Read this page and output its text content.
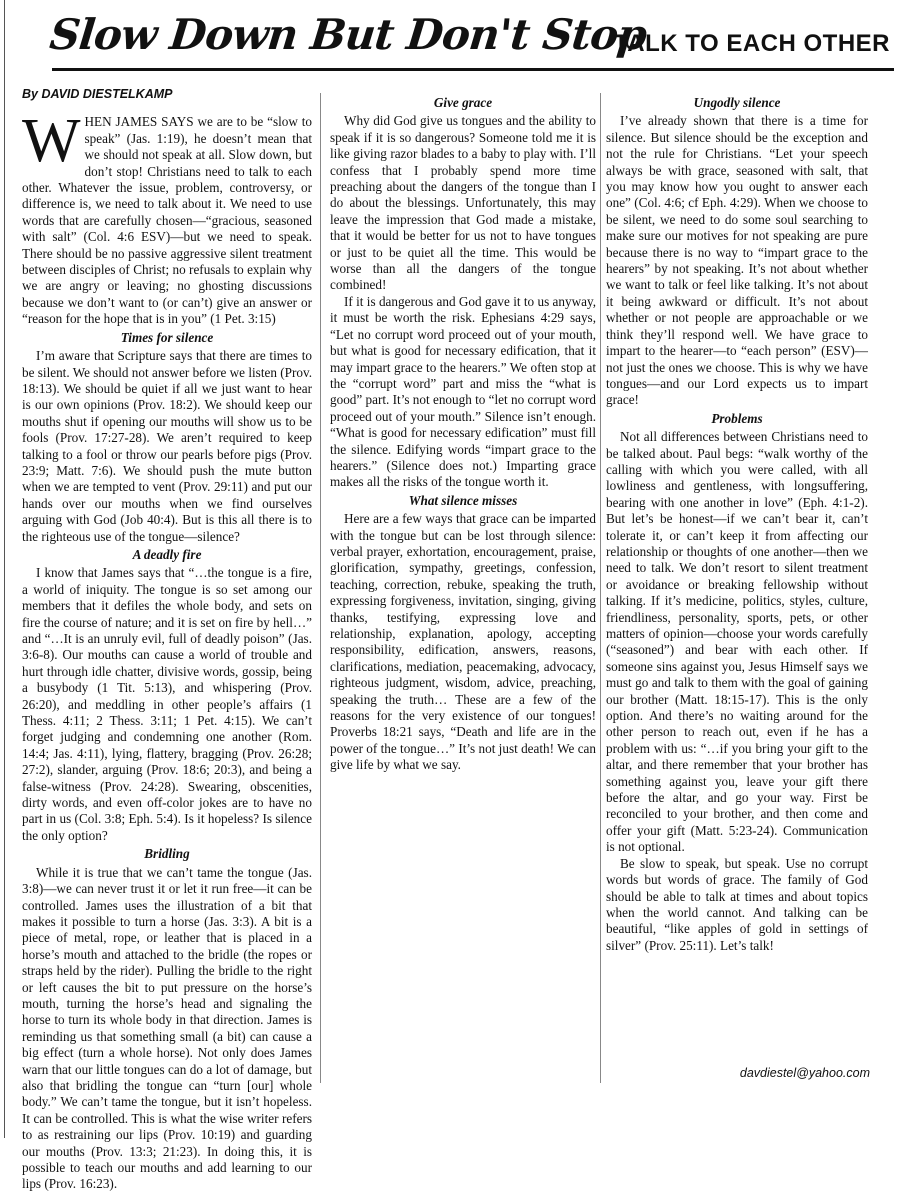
Slow Down But Don't Stop
TALK TO EACH OTHER
By DAVID DIESTELKAMP

WHEN JAMES SAYS we are to be “slow to speak” (Jas. 1:19), he doesn’t mean that we should not speak at all. Slow down, but don’t stop! Christians need to talk to each other. Whatever the issue, problem, controversy, or difference is, we need to talk about it. We need to use words that are carefully chosen—“gracious, seasoned with salt” (Col. 4:6 ESV)—but we need to speak. There should be no passive aggressive silent treatment between disciples of Christ; no refusals to explain why we are angry or leaving; no ghosting discussions because we don’t want to (or can’t) give an answer or “reason for the hope that is in you” (1 Pet. 3:15)

Times for silence

I’m aware that Scripture says that there are times to be silent. We should not answer before we listen (Prov. 18:13). We should be quiet if all we just want to hear is our own opinions (Prov. 18:2). We should keep our mouths shut if opening our mouths will show us to be fools (Prov. 17:27-28). We aren’t required to keep talking to a fool or throw our pearls before pigs (Prov. 23:9; Matt. 7:6). We should push the mute button when we are tempted to vent (Prov. 29:11) and put our hands over our mouths when we find ourselves arguing with God (Job 40:4). But is this all there is to the righteous use of the tongue—silence?

A deadly fire

I know that James says that “…the tongue is a fire, a world of iniquity. The tongue is so set among our members that it defiles the whole body, and sets on fire the course of nature; and it is set on fire by hell…” and “…It is an unruly evil, full of deadly poison” (Jas. 3:6-8). Our mouths can cause a world of trouble and hurt through idle chatter, divisive words, gossip, being a busybody (1 Tit. 5:13), and whispering (Prov. 26:20), and meddling in other people’s affairs (1 Thess. 4:11; 2 Thess. 3:11; 1 Pet. 4:15). We can’t forget judging and condemning one another (Rom. 14:4; Jas. 4:11), lying, flattery, bragging (Prov. 26:28; 27:2), slander, arguing (Prov. 18:6; 20:3), and being a false-witness (Prov. 24:28). Swearing, obscenities, dirty words, and even off-color jokes are to have no part in us (Col. 3:8; Eph. 5:4). Is it hopeless? Is silence the only option?

Bridling

While it is true that we can’t tame the tongue (Jas. 3:8)—we can never trust it or let it run free—it can be controlled. James uses the illustration of a bit that makes it possible to turn a horse (Jas. 3:3). A bit is a piece of metal, rope, or leather that is placed in a horse’s mouth and attached to the bridle (the ropes or straps held by the rider). Pulling the bridle to the right or left causes the bit to put pressure on the horse’s mouth, turning the horse’s head and signaling the horse to turn its whole body in that direction. James is reminding us that something small (a bit) can cause a big effect (turn a whole horse). Not only does James warn that our little tongues can do a lot of damage, but also that bridling the tongue can “turn [our] whole body.” We can’t tame the tongue, but it isn’t hopeless. It can be controlled. This is what the wise writer refers to as restraining our lips (Prov. 10:19) and guarding our mouths (Prov. 13:3; 21:23). In doing this, it is possible to teach our mouths and add learning to our lips (Prov. 16:23).

Give grace

Why did God give us tongues and the ability to speak if it is so dangerous? Someone told me it is like giving razor blades to a baby to play with. I’ll confess that I probably spend more time preaching about the dangers of the tongue than I do about the blessings. Unfortunately, this may leave the impression that God made a mistake, that it would be better for us not to have tongues or just to be quiet all the time. This would be worse than all the dangers of the tongue combined!

If it is dangerous and God gave it to us anyway, it must be worth the risk. Ephesians 4:29 says, “Let no corrupt word proceed out of your mouth, but what is good for necessary edification, that it may impart grace to the hearers.” We often stop at the “corrupt word” part and miss the “what is good” part. It’s not enough to “let no corrupt word proceed out of your mouth.” Silence isn’t enough. “What is good for necessary edification” must fill the silence. Edifying words “impart grace to the hearers.” (Silence does not.) Imparting grace makes all the risks of the tongue worth it.

What silence misses

Here are a few ways that grace can be imparted with the tongue but can be lost through silence: verbal prayer, exhortation, encouragement, praise, glorification, sympathy, greetings, confession, teaching, correction, rebuke, speaking the truth, expressing forgiveness, invitation, singing, giving thanks, testifying, expressing love and relationship, explanation, apology, accepting responsibility, edification, answers, reasons, clarifications, mediation, peacemaking, advocacy, righteous judgment, wisdom, advice, preaching, speaking the truth… These are a few of the reasons for the very existence of our tongues! Proverbs 18:21 says, “Death and life are in the power of the tongue…” It’s not just death! We can give life by what we say.

Ungodly silence

I’ve already shown that there is a time for silence. But silence should be the exception and not the rule for Christians. “Let your speech always be with grace, seasoned with salt, that you may know how you ought to answer each one” (Col. 4:6; cf Eph. 4:29). When we choose to be silent, we need to do some soul searching to make sure our motives for not speaking are pure because there is no way to “impart grace to the hearers” by not speaking. It’s not about whether we want to talk or feel like talking. It’s not about it being awkward or difficult. It’s not about whether or not people are approachable or we think they’ll respond well. We have grace to impart to the hearer—to “each person” (ESV)—not just the ones we choose. This is why we have tongues—and our Lord expects us to impart grace!

Problems

Not all differences between Christians need to be talked about. Paul begs: “walk worthy of the calling with which you were called, with all lowliness and gentleness, with longsuffering, bearing with one another in love” (Eph. 4:1-2). But let’s be honest—if we can’t bear it, can’t tolerate it, or can’t keep it from affecting our relationship or thoughts of one another—then we need to talk. We don’t resort to silent treatment or avoidance or breaking fellowship without talking. If it’s medicine, politics, styles, culture, friendliness, personality, sports, pets, or other matters of opinion—choose your words carefully (“seasoned”) and bear with each other. If someone sins against you, Jesus Himself says we must go and talk to them with the goal of gaining our brother (Matt. 18:15-17). This is the only option. And there’s no waiting around for the other person to reach out, even if he has a problem with us: “…if you bring your gift to the altar, and there remember that your brother has something against you, leave your gift there before the altar, and go your way. First be reconciled to your brother, and then come and offer your gift (Matt. 5:23-24). Communication is not optional.

Be slow to speak, but speak. Use no corrupt words but words of grace. The family of God should be able to talk at times and about topics when the world cannot. And talking can be beautiful, “like apples of gold in settings of silver” (Prov. 25:11). Let’s talk!

davdiestel@yahoo.com
